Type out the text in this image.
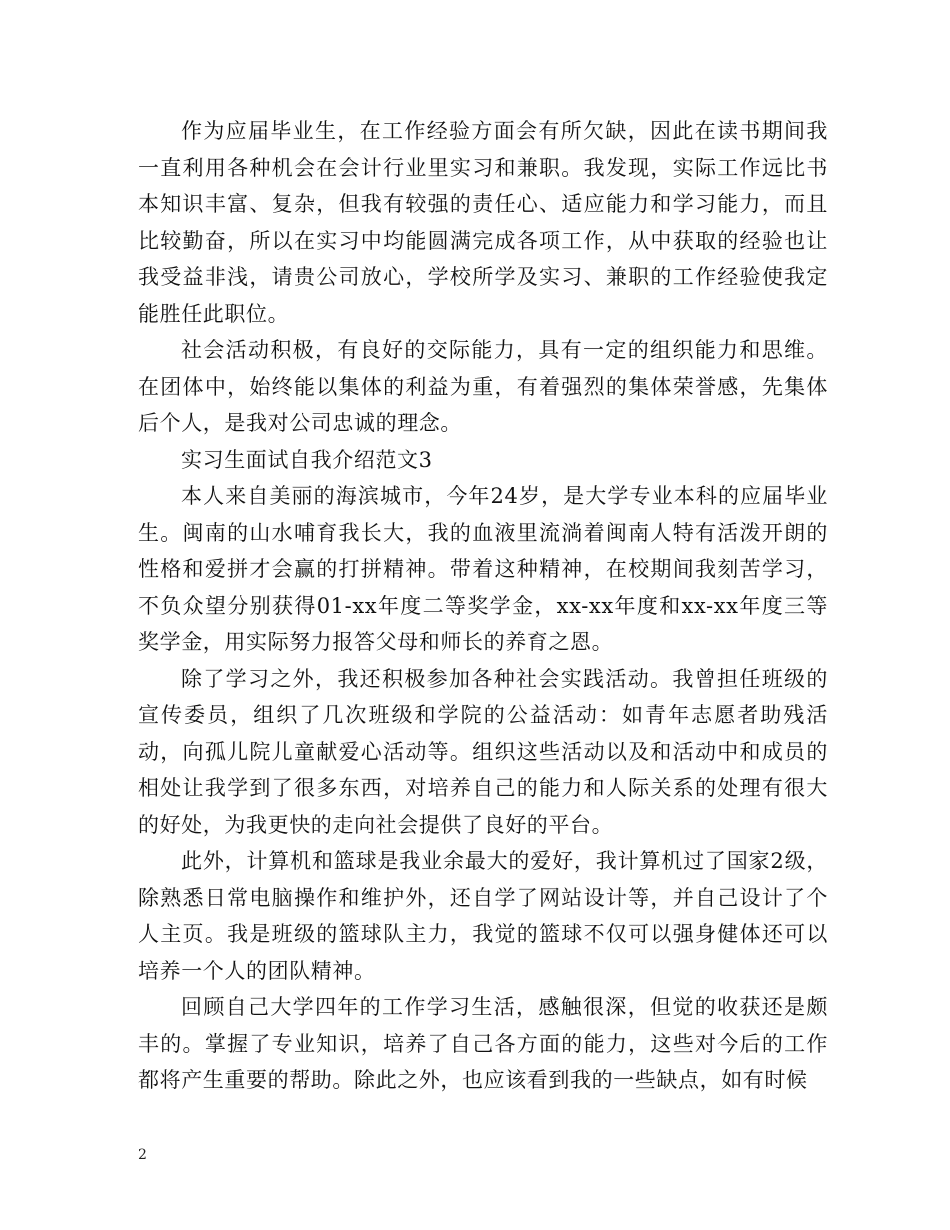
作为应届毕业生，在工作经验方面会有所欠缺，因此在读书期间我一直利用各种机会在会计行业里实习和兼职。我发现，实际工作远比书本知识丰富、复杂，但我有较强的责任心、适应能力和学习能力，而且比较勤奋，所以在实习中均能圆满完成各项工作，从中获取的经验也让我受益非浅，请贵公司放心，学校所学及实习、兼职的工作经验使我定能胜任此职位。

社会活动积极，有良好的交际能力，具有一定的组织能力和思维。在团体中，始终能以集体的利益为重，有着强烈的集体荣誉感，先集体后个人，是我对公司忠诚的理念。

实习生面试自我介绍范文3

本人来自美丽的海滨城市，今年24岁，是大学专业本科的应届毕业生。闽南的山水哺育我长大，我的血液里流淌着闽南人特有活泼开朗的性格和爱拼才会赢的打拼精神。带着这种精神，在校期间我刻苦学习，不负众望分别获得01-xx年度二等奖学金，xx-xx年度和xx-xx年度三等奖学金，用实际努力报答父母和师长的养育之恩。

除了学习之外，我还积极参加各种社会实践活动。我曾担任班级的宣传委员，组织了几次班级和学院的公益活动：如青年志愿者助残活动，向孤儿院儿童献爱心活动等。组织这些活动以及和活动中和成员的相处让我学到了很多东西，对培养自己的能力和人际关系的处理有很大的好处，为我更快的走向社会提供了良好的平台。

此外，计算机和篮球是我业余最大的爱好，我计算机过了国家2级，除熟悉日常电脑操作和维护外，还自学了网站设计等，并自己设计了个人主页。我是班级的篮球队主力，我觉的篮球不仅可以强身健体还可以培养一个人的团队精神。

回顾自己大学四年的工作学习生活，感触很深，但觉的收获还是颇丰的。掌握了专业知识，培养了自己各方面的能力，这些对今后的工作都将产生重要的帮助。除此之外，也应该看到我的一些缺点，如有时候

2
